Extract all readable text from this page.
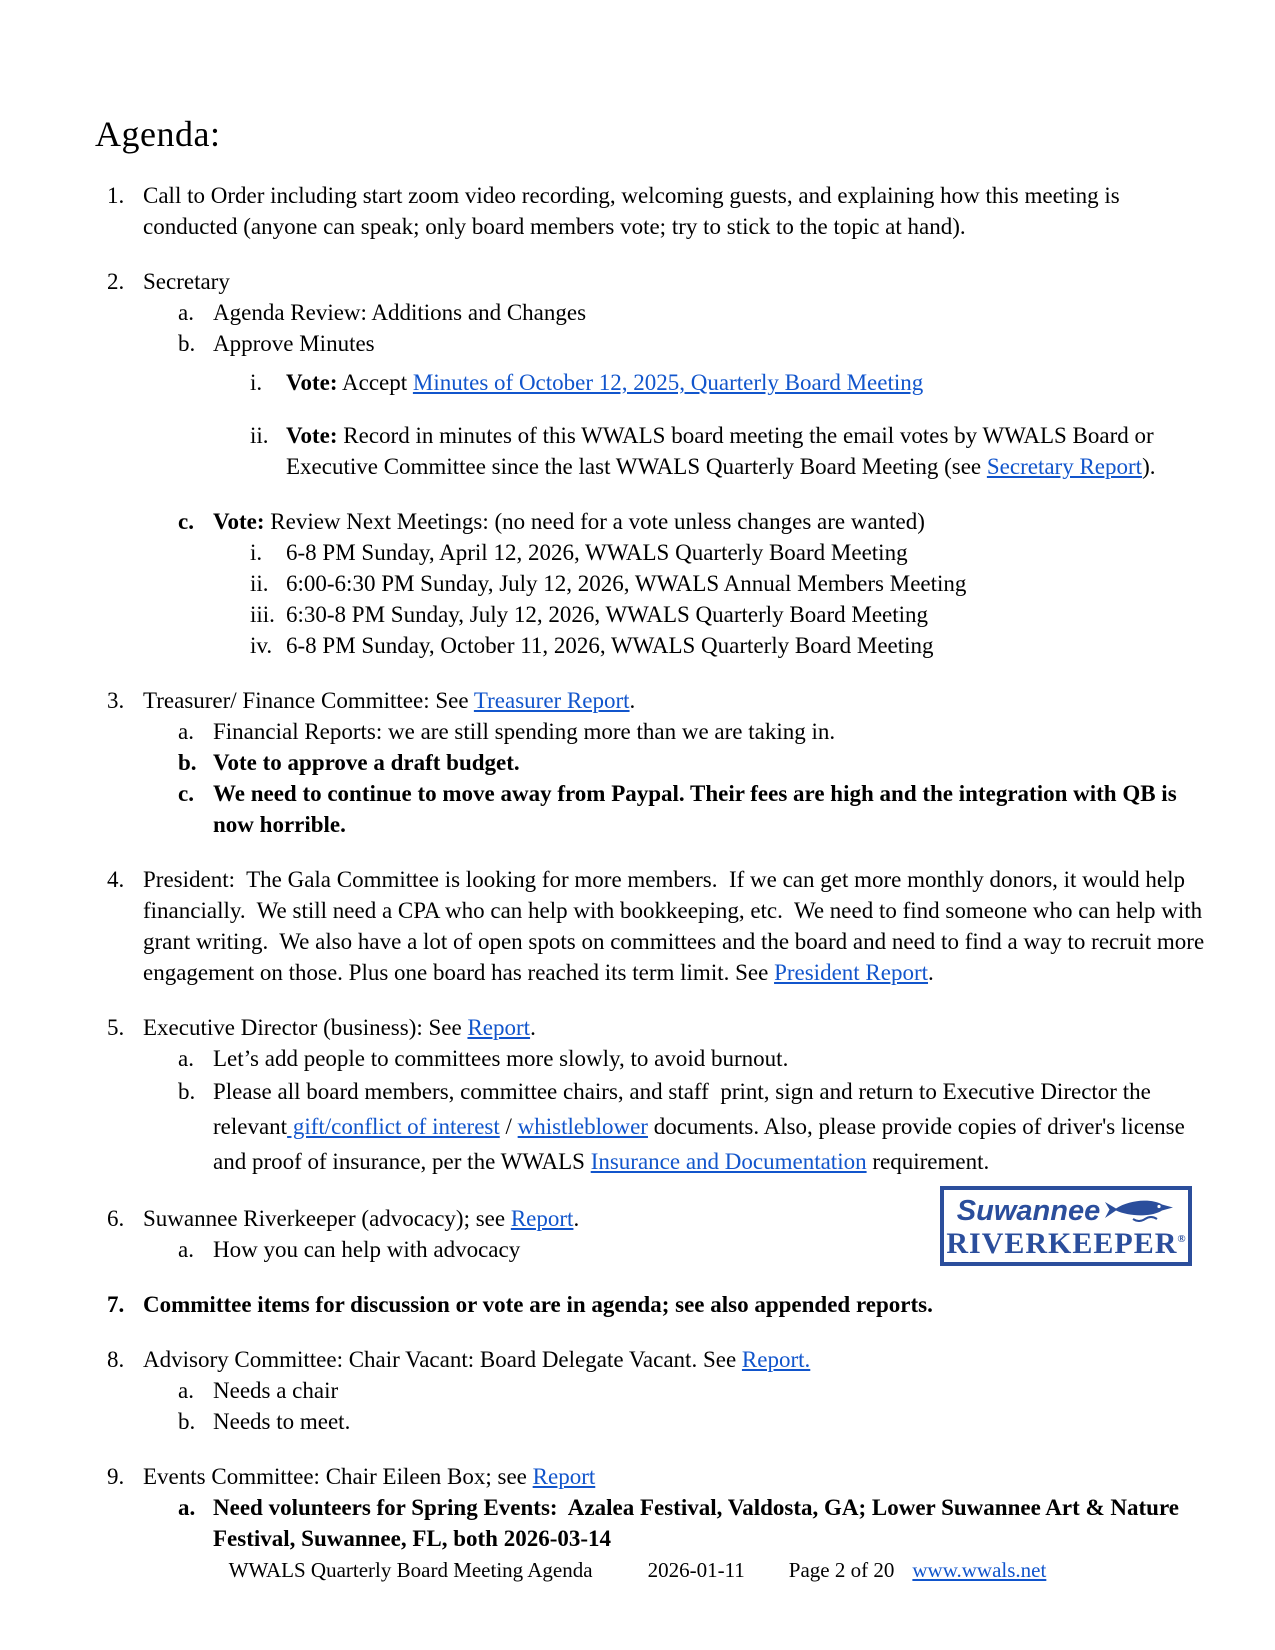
Agenda:
1. Call to Order including start zoom video recording, welcoming guests, and explaining how this meeting is conducted (anyone can speak; only board members vote; try to stick to the topic at hand).
2. Secretary
a. Agenda Review: Additions and Changes
b. Approve Minutes
i.	Vote: Accept Minutes of October 12, 2025, Quarterly Board Meeting
ii. Vote: Record in minutes of this WWALS board meeting the email votes by WWALS Board or Executive Committee since the last WWALS Quarterly Board Meeting (see Secretary Report).
c. Vote: Review Next Meetings: (no need for a vote unless changes are wanted)
i.	6-8 PM Sunday, April 12, 2026, WWALS Quarterly Board Meeting
ii. 6:00-6:30 PM Sunday, July 12, 2026, WWALS Annual Members Meeting
iii. 6:30-8 PM Sunday, July 12, 2026, WWALS Quarterly Board Meeting
iv. 6-8 PM Sunday, October 11, 2026, WWALS Quarterly Board Meeting
3. Treasurer/ Finance Committee: See Treasurer Report.
a. Financial Reports: we are still spending more than we are taking in.
b. Vote to approve a draft budget.
c. We need to continue to move away from Paypal. Their fees are high and the integration with QB is now horrible.
4. President:  The Gala Committee is looking for more members.  If we can get more monthly donors, it would help financially.  We still need a CPA who can help with bookkeeping, etc.  We need to find someone who can help with grant writing.  We also have a lot of open spots on committees and the board and need to find a way to recruit more engagement on those. Plus one board has reached its term limit. See President Report.
5. Executive Director (business): See Report.
a. Let’s add people to committees more slowly, to avoid burnout.
b. Please all board members, committee chairs, and staff  print, sign and return to Executive Director the relevant gift/conflict of interest / whistleblower documents. Also, please provide copies of driver's license and proof of insurance, per the WWALS Insurance and Documentation requirement.
6. Suwannee Riverkeeper (advocacy); see Report.
a. How you can help with advocacy
7. Committee items for discussion or vote are in agenda; see also appended reports.
8. Advisory Committee: Chair Vacant: Board Delegate Vacant. See Report.
a. Needs a chair
b. Needs to meet.
9. Events Committee: Chair Eileen Box; see Report
a. Need volunteers for Spring Events:  Azalea Festival, Valdosta, GA; Lower Suwannee Art & Nature Festival, Suwannee, FL, both 2026-03-14
Suwannee
RIVERKEEPER®
WWALS Quarterly Board Meeting Agenda	2026-01-11 Page 2 of 20 www.wwals.net
